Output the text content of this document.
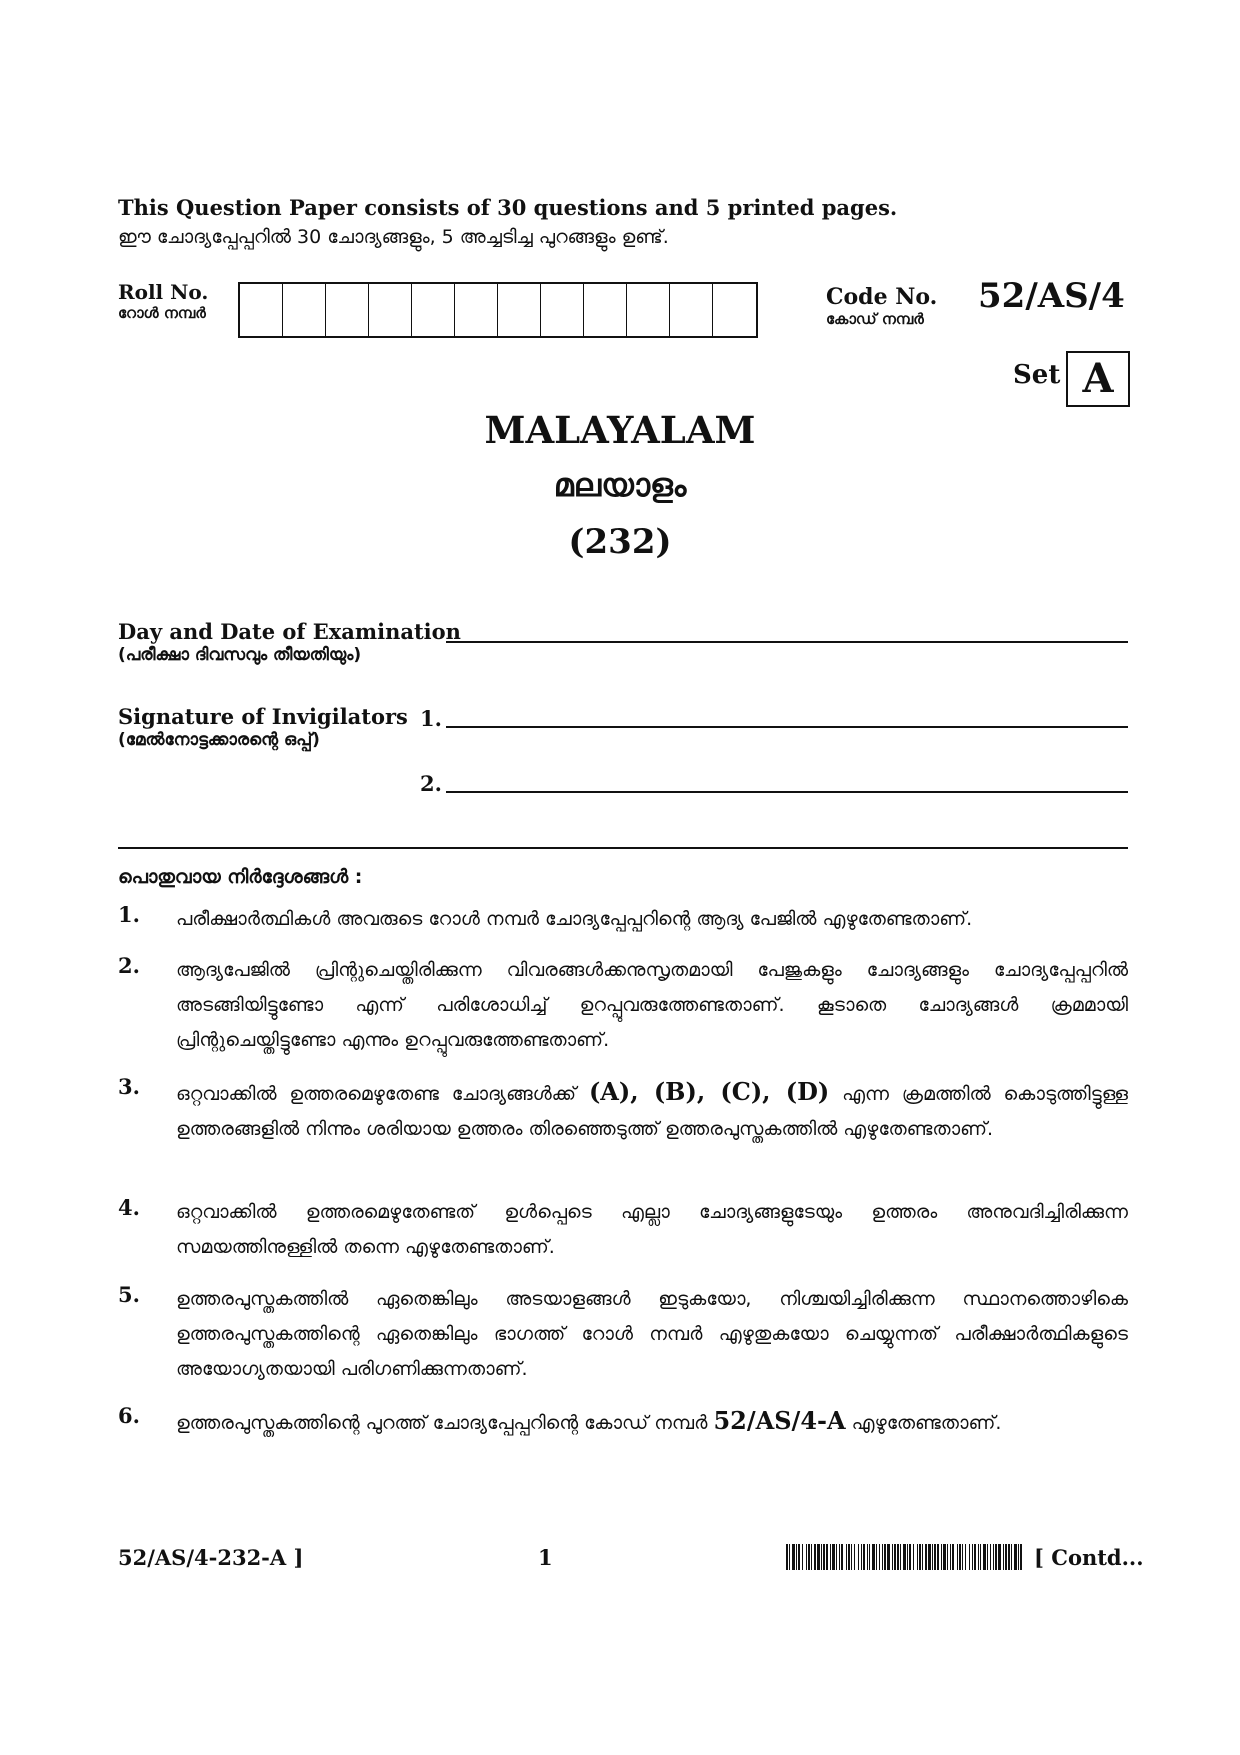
This Question Paper consists of 30 questions and 5 printed pages.
ഈ ചോദ്യപ്പേപ്പറിൽ 30 ചോദ്യങ്ങളും, 5 അച്ചടിച്ച പുറങ്ങളും ഉണ്ട്.
Roll No.
റോൾ നമ്പർ
Code No.
കോഡ് നമ്പർ
52/AS/4
Set A
MALAYALAM
മലയാളം
(232)
Day and Date of Examination
(പരീക്ഷാ ദിവസവും തീയതിയും)
Signature of Invigilators
(മേൽനോട്ടക്കാരന്റെ ഒപ്പ്)
1.
2.
പൊതുവായ നിർദ്ദേശങ്ങൾ :
1.	പരീക്ഷാർത്ഥികൾ അവരുടെ റോൾ നമ്പർ ചോദ്യപ്പേപ്പറിന്റെ ആദ്യ പേജിൽ എഴുതേണ്ടതാണ്.
2.	ആദ്യപേജിൽ പ്രിന്റുചെയ്തിരിക്കുന്ന വിവരങ്ങൾക്കനുസൃതമായി പേജുകളും ചോദ്യങ്ങളും ചോദ്യപ്പേപ്പറിൽ അടങ്ങിയിട്ടുണ്ടോ എന്ന് പരിശോധിച്ച് ഉറപ്പുവരുത്തേണ്ടതാണ്. കൂടാതെ ചോദ്യങ്ങൾ ക്രമമായി പ്രിന്റുചെയ്തിട്ടുണ്ടോ എന്നും ഉറപ്പുവരുത്തേണ്ടതാണ്.
3.	ഒറ്റവാക്കിൽ ഉത്തരമെഴുതേണ്ട ചോദ്യങ്ങൾക്ക് (A), (B), (C), (D) എന്ന ക്രമത്തിൽ കൊടുത്തിട്ടുള്ള ഉത്തരങ്ങളിൽ നിന്നും ശരിയായ ഉത്തരം തിരഞ്ഞെടുത്ത് ഉത്തരപുസ്തകത്തിൽ എഴുതേണ്ടതാണ്.
4.	ഒറ്റവാക്കിൽ ഉത്തരമെഴുതേണ്ടത് ഉൾപ്പെടെ എല്ലാ ചോദ്യങ്ങളുടേയും ഉത്തരം അനുവദിച്ചിരിക്കുന്ന സമയത്തിനുള്ളിൽ തന്നെ എഴുതേണ്ടതാണ്.
5.	ഉത്തരപുസ്തകത്തിൽ ഏതെങ്കിലും അടയാളങ്ങൾ ഇടുകയോ, നിശ്ചയിച്ചിരിക്കുന്ന സ്ഥാനത്തൊഴികെ ഉത്തരപുസ്തകത്തിന്റെ ഏതെങ്കിലും ഭാഗത്ത് റോൾ നമ്പർ എഴുതുകയോ ചെയ്യുന്നത് പരീക്ഷാർത്ഥികളുടെ അയോഗ്യതയായി പരിഗണിക്കുന്നതാണ്.
6.	ഉത്തരപുസ്തകത്തിന്റെ പുറത്ത് ചോദ്യപ്പേപ്പറിന്റെ കോഡ് നമ്പർ 52/AS/4-A എഴുതേണ്ടതാണ്.
52/AS/4-232-A ]	1	[ Contd...
